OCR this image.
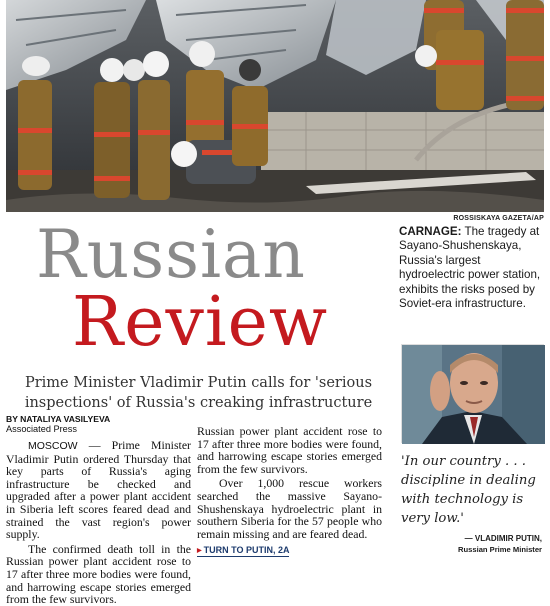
ROSSISKAYA GAZETA/AP
Russian
Review
Prime Minister Vladimir Putin calls for 'serious inspections' of Russia's creaking infrastructure
CARNAGE: The tragedy at Sayano-Shushenskaya, Russia's largest hydroelectric power station, exhibits the risks posed by Soviet-era infrastructure.
BY NATALIYA VASILYEVA
Associated Press

MOSCOW — Prime Minister Vladimir Putin ordered Thursday that key parts of Russia's aging infrastructure be checked and upgraded after a power plant accident in Siberia left scores feared dead and strained the vast region's power supply.

The confirmed death toll in the Russian power plant accident rose to 17 after three more bodies were found, and harrowing escape stories emerged from the few survivors.

Russian power plant accident rose to 17 after three more bodies were found, and harrowing escape stories emerged from the few survivors.

Over 1,000 rescue workers searched the massive Sayano-Shushenskaya hydroelectric plant in southern Siberia for the 57 people who remain missing and are feared dead.

▶ TURN TO PUTIN, 2A
'In our country . . . discipline in dealing with technology is very low.'
— VLADIMIR PUTIN,
Russian Prime Minister
